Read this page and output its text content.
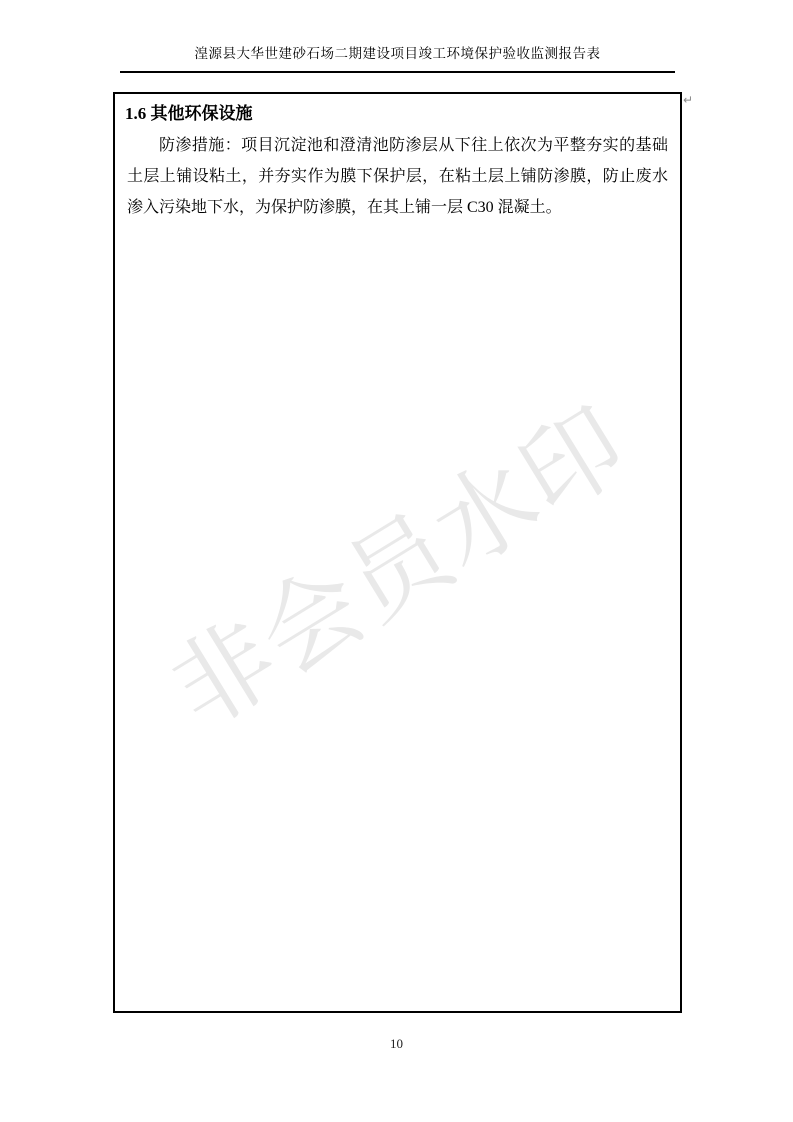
非会员水印
湟源县大华世建砂石场二期建设项目竣工环境保护验收监测报告表
↵
1.6 其他环保设施

防渗措施：项目沉淀池和澄清池防渗层从下往上依次为平整夯实的基础土层上铺设粘土，并夯实作为膜下保护层，在粘土层上铺防渗膜，防止废水渗入污染地下水，为保护防渗膜，在其上铺一层 C30 混凝土。

10
